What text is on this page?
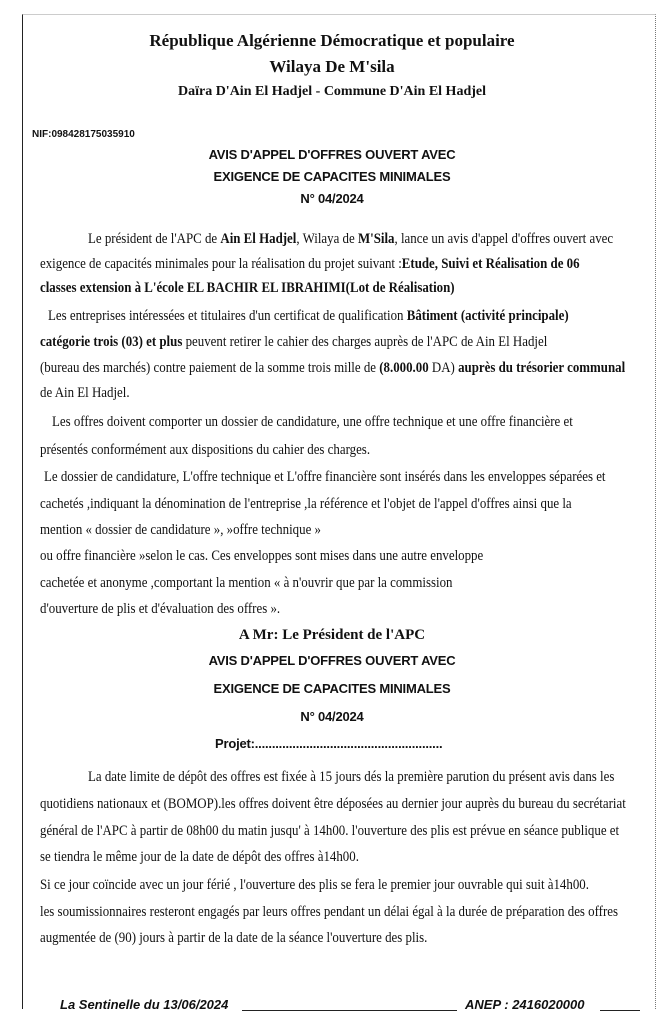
République Algérienne Démocratique et populaire
Wilaya De M'sila
Daïra D'Ain El Hadjel - Commune D'Ain El Hadjel
NIF:098428175035910
AVIS D'APPEL D'OFFRES OUVERT AVEC
EXIGENCE DE CAPACITES MINIMALES
N° 04/2024
Le président de l'APC de Ain El Hadjel, Wilaya de M'Sila, lance un avis d'appel d'offres ouvert avec
exigence de capacités minimales pour la réalisation du projet suivant :Etude, Suivi et Réalisation de 06
classes extension à L'école EL BACHIR EL IBRAHIMI(Lot de Réalisation)
Les entreprises intéressées et titulaires d'un certificat de qualification Bâtiment (activité principale)
catégorie trois (03) et plus peuvent retirer le cahier des charges auprès de l'APC de Ain El Hadjel
(bureau des marchés) contre paiement de la somme trois mille de (8.000.00 DA) auprès du trésorier communal
de Ain El Hadjel.
Les offres doivent comporter un dossier de candidature, une offre technique et une offre financière et
présentés conformément aux dispositions du cahier des charges.
Le dossier de candidature, L'offre technique et L'offre financière sont insérés dans les enveloppes séparées et
cachetés ,indiquant la dénomination de l'entreprise ,la référence et l'objet de l'appel d'offres ainsi que la
mention « dossier de candidature », »offre technique »
ou offre financière »selon le cas. Ces enveloppes sont mises dans une autre enveloppe
cachetée et anonyme ,comportant la mention « à n'ouvrir que par la commission
d'ouverture de plis et d'évaluation des offres ».
A Mr: Le Président de l'APC
AVIS D'APPEL D'OFFRES OUVERT AVEC
EXIGENCE DE CAPACITES MINIMALES
N° 04/2024
Projet:.......................................................
La date limite de dépôt des offres est fixée à 15 jours dés la première parution du présent avis dans les
quotidiens nationaux et (BOMOP).les offres doivent être déposées au dernier jour auprès du bureau du secrétariat
général de l'APC à partir de 08h00 du matin jusqu' à 14h00. l'ouverture des plis est prévue en séance publique et
se tiendra le même jour de la date de dépôt des offres à14h00.
Si ce jour coïncide avec un jour férié , l'ouverture des plis se fera le premier jour ouvrable qui suit à14h00.
les soumissionnaires resteront engagés par leurs offres pendant un délai égal à la durée de préparation des offres
augmentée de (90) jours à partir de la date de la séance l'ouverture des plis.
La Sentinelle du 13/06/2024	ANEP : 2416020000
